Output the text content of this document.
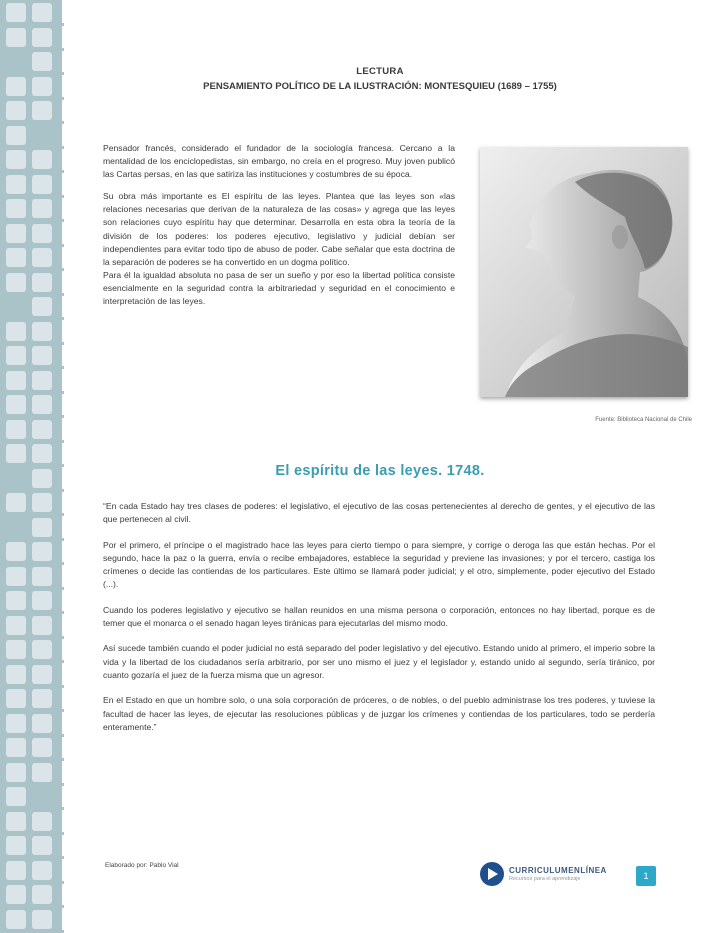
LECTURA
PENSAMIENTO POLÍTICO DE LA ILUSTRACIÓN: MONTESQUIEU (1689 – 1755)

Pensador francés, considerado el fundador de la sociología francesa. Cercano a la mentalidad de los enciclopedistas, sin embargo, no creía en el progreso. Muy joven publicó las Cartas persas, en las que satiriza las instituciones y costumbres de su época.

Su obra más importante es El espíritu de las leyes. Plantea que las leyes son «las relaciones necesarias que derivan de la naturaleza de las cosas» y agrega que las leyes son relaciones cuyo espíritu hay que determinar. Desarrolla en esta obra la teoría de la división de los poderes: los poderes ejecutivo, legislativo y judicial debían ser independientes para evitar todo tipo de abuso de poder. Cabe señalar que esta doctrina de la separación de poderes se ha convertido en un dogma político.

Para él la igualdad absoluta no pasa de ser un sueño y por eso la libertad política consiste esencialmente en la seguridad contra la arbitrariedad y seguridad en el conocimiento e interpretación de las leyes.

Fuente: Biblioteca Nacional de Chile
El espíritu de las leyes. 1748.

“En cada Estado hay tres clases de poderes: el legislativo, el ejecutivo de las cosas pertenecientes al derecho de gentes, y el ejecutivo de las que pertenecen al civil.

Por el primero, el príncipe o el magistrado hace las leyes para cierto tiempo o para siempre, y corrige o deroga las que están hechas. Por el segundo, hace la paz o la guerra, envía o recibe embajadores, establece la seguridad y previene las invasiones; y por el tercero, castiga los crímenes o decide las contiendas de los particulares. Este último se llamará poder judicial; y el otro, simplemente, poder ejecutivo del Estado (...).

Cuando los poderes legislativo y ejecutivo se hallan reunidos en una misma persona o corporación, entonces no hay libertad, porque es de temer que el monarca o el senado hagan leyes tiránicas para ejecutarlas del mismo modo.

Así sucede también cuando el poder judicial no está separado del poder legislativo y del ejecutivo. Estando unido al primero, el imperio sobre la vida y la libertad de los ciudadanos sería arbitrario, por ser uno mismo el juez y el legislador y, estando unido al segundo, sería tiránico, por cuanto gozaría el juez de la fuerza misma que un agresor.

En el Estado en que un hombre solo, o una sola corporación de próceres, o de nobles, o del pueblo administrase los tres poderes, y tuviese la facultad de hacer las leyes, de ejecutar las resoluciones públicas y de juzgar los crímenes y contiendas de los particulares, todo se perdería enteramente.”

Elaborado por: Pablo Vial
CURRICULUMENLÍNEA
Recursos para el aprendizaje	1
